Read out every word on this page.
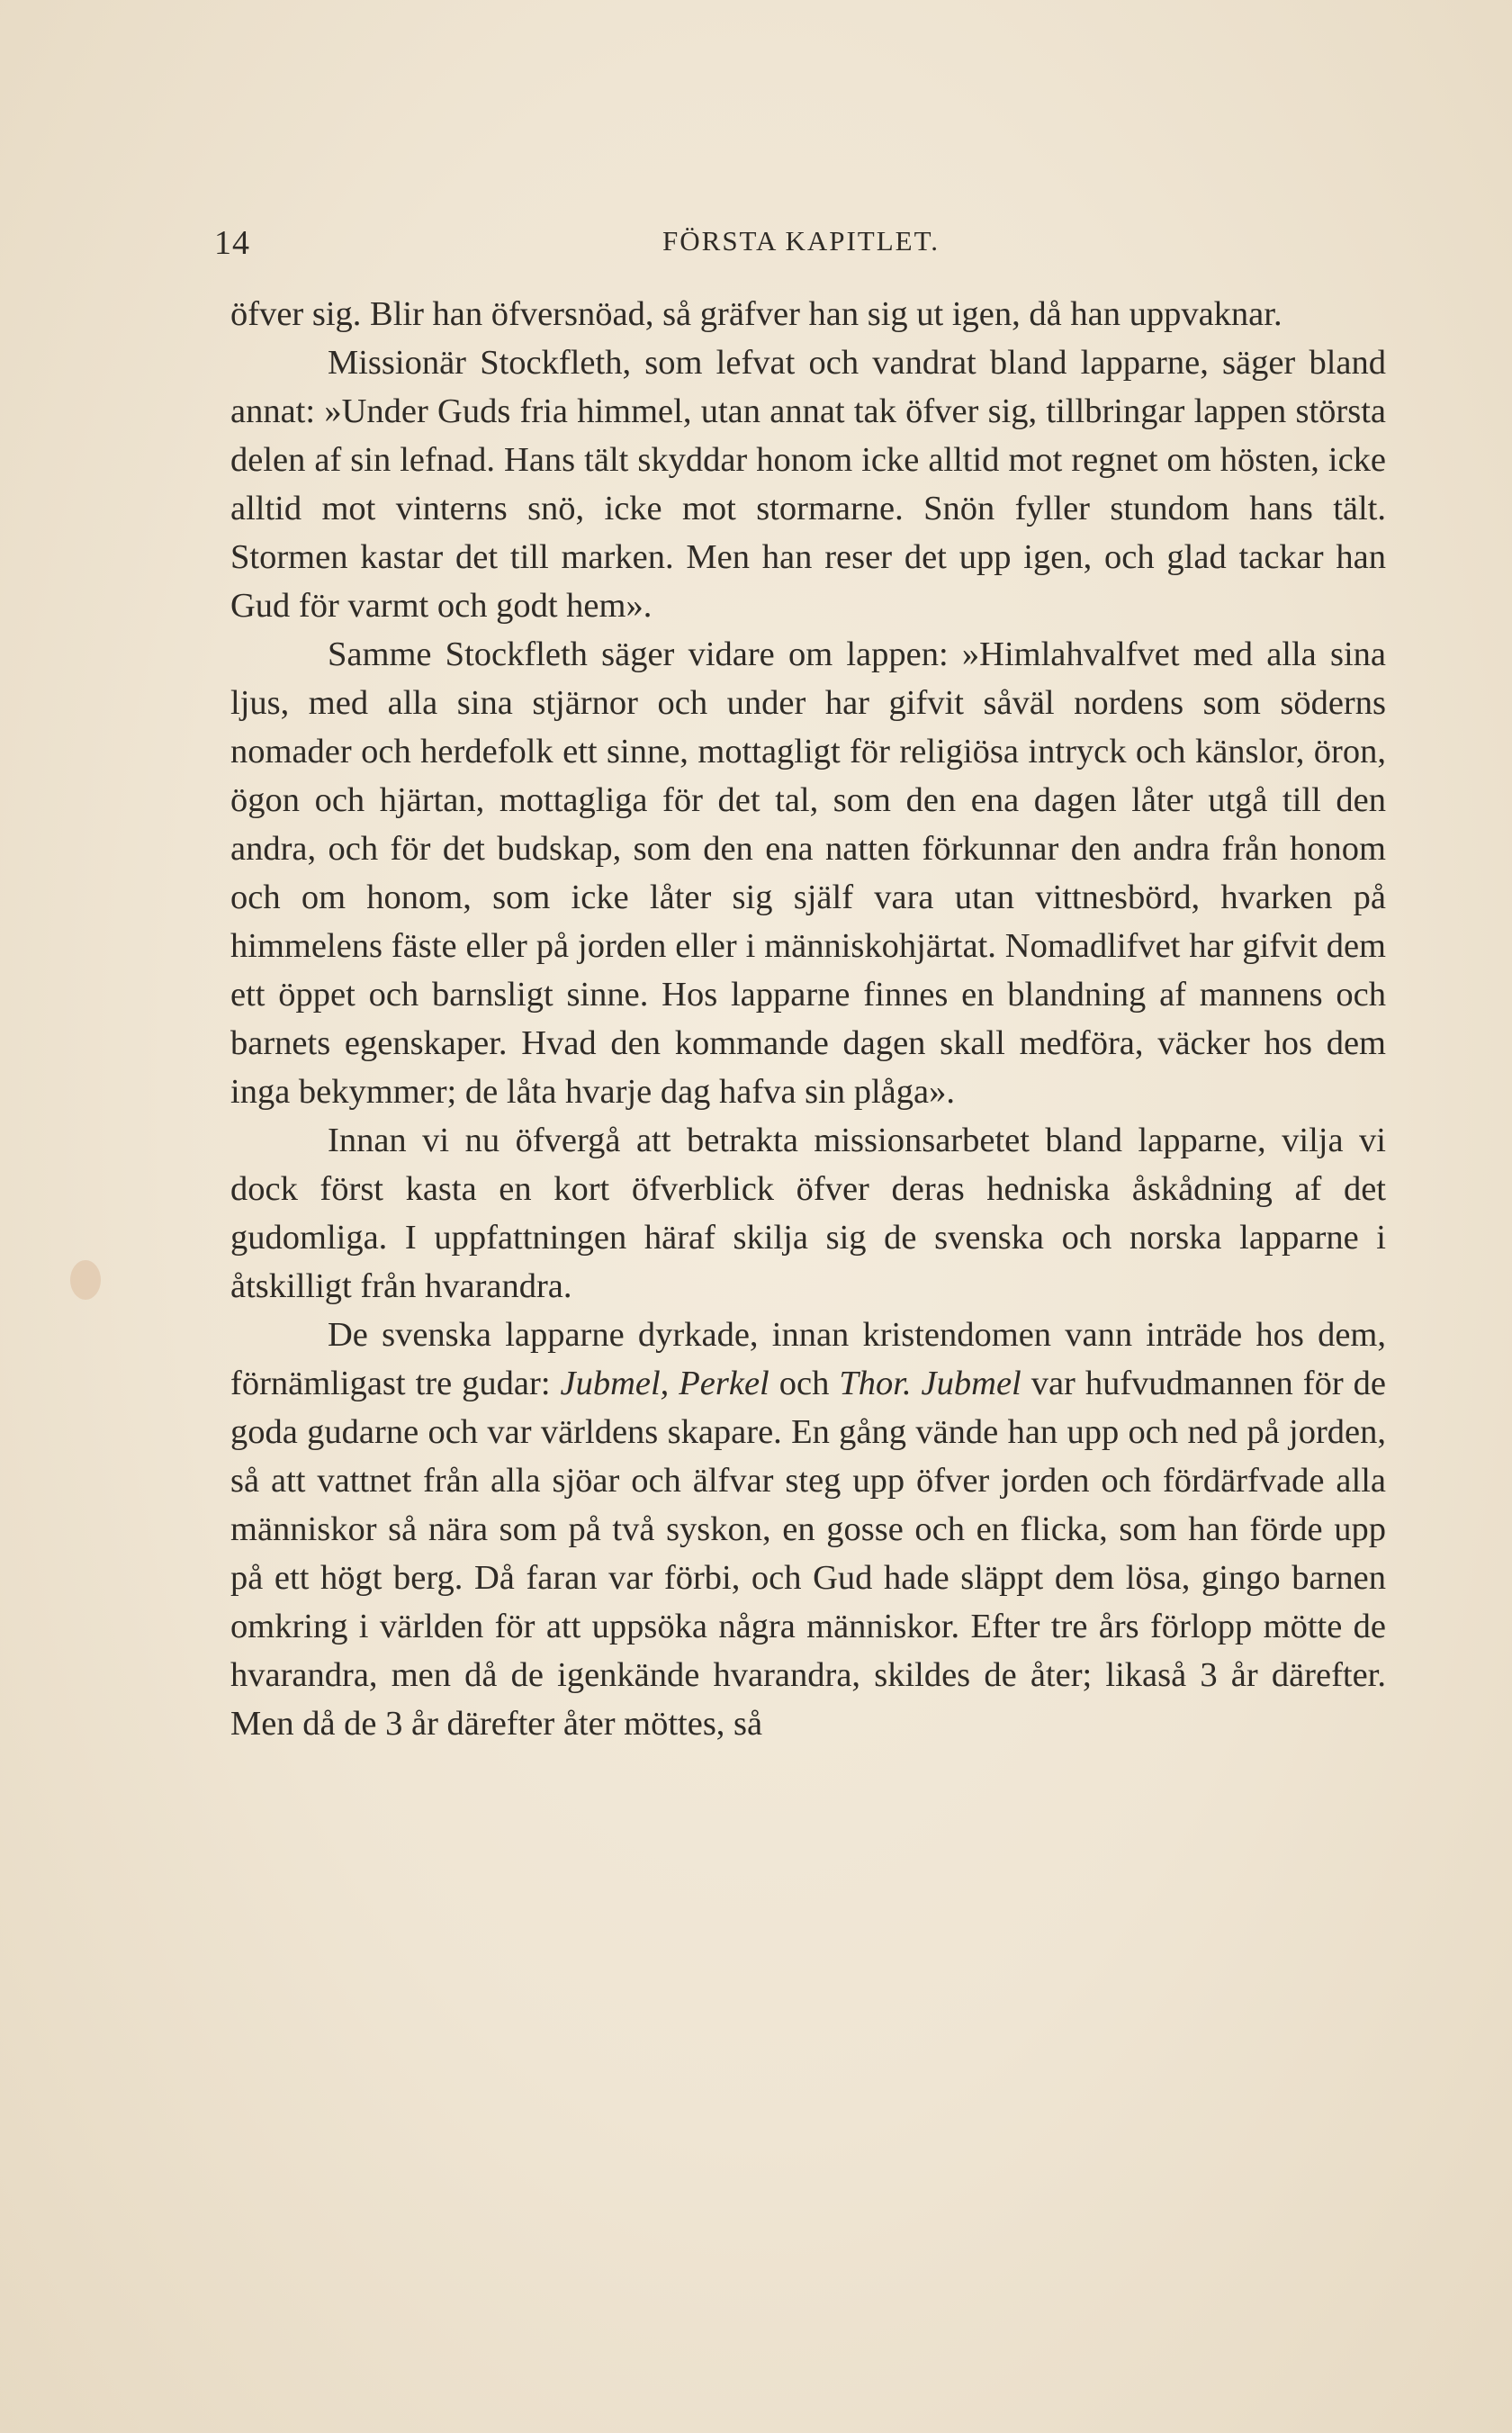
14	FÖRSTA KAPITLET.

öfver sig. Blir han öfversnöad, så gräfver han sig ut igen, då han uppvaknar.

Missionär Stockfleth, som lefvat och vandrat bland lapparne, säger bland annat: »Under Guds fria himmel, utan annat tak öfver sig, tillbringar lappen största delen af sin lefnad. Hans tält skyddar honom icke alltid mot regnet om hösten, icke alltid mot vinterns snö, icke mot stormarne. Snön fyller stundom hans tält. Stormen kastar det till marken. Men han reser det upp igen, och glad tackar han Gud för varmt och godt hem».

Samme Stockfleth säger vidare om lappen: »Himlahvalfvet med alla sina ljus, med alla sina stjärnor och under har gifvit såväl nordens som söderns nomader och herdefolk ett sinne, mottagligt för religiösa intryck och känslor, öron, ögon och hjärtan, mottagliga för det tal, som den ena dagen låter utgå till den andra, och för det budskap, som den ena natten förkunnar den andra från honom och om honom, som icke låter sig själf vara utan vittnesbörd, hvarken på himmelens fäste eller på jorden eller i människohjärtat. Nomadlifvet har gifvit dem ett öppet och barnsligt sinne. Hos lapparne finnes en blandning af mannens och barnets egenskaper. Hvad den kommande dagen skall medföra, väcker hos dem inga bekymmer; de låta hvarje dag hafva sin plåga».

Innan vi nu öfvergå att betrakta missionsarbetet bland lapparne, vilja vi dock först kasta en kort öfverblick öfver deras hedniska åskådning af det gudomliga. I uppfattningen häraf skilja sig de svenska och norska lapparne i åtskilligt från hvarandra.

De svenska lapparne dyrkade, innan kristendomen vann inträde hos dem, förnämligast tre gudar: Jubmel, Perkel och Thor. Jubmel var hufvudmannen för de goda gudarne och var världens skapare. En gång vände han upp och ned på jorden, så att vattnet från alla sjöar och älfvar steg upp öfver jorden och fördärfvade alla människor så nära som på två syskon, en gosse och en flicka, som han förde upp på ett högt berg. Då faran var förbi, och Gud hade släppt dem lösa, gingo barnen omkring i världen för att uppsöka några människor. Efter tre års förlopp mötte de hvarandra, men då de igenkände hvarandra, skildes de åter; likaså 3 år därefter. Men då de 3 år därefter åter möttes, så
